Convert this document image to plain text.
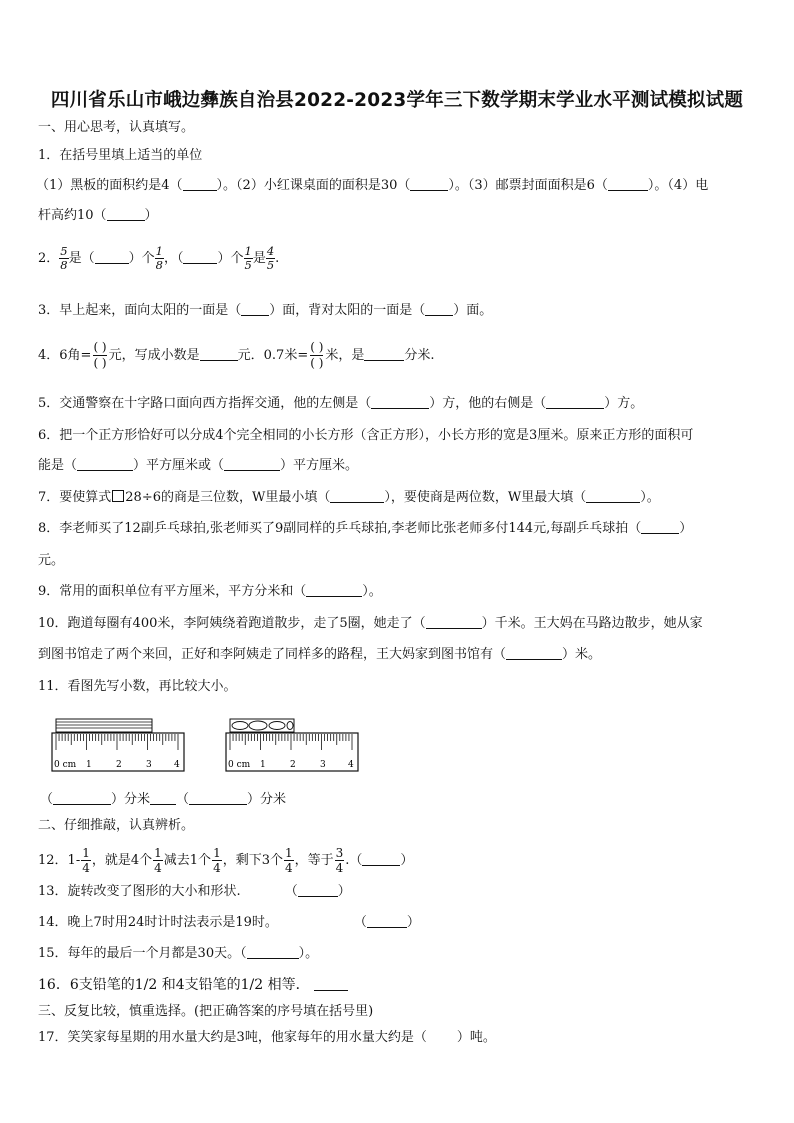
四川省乐山市峨边彝族自治县2022-2023学年三下数学期末学业水平测试模拟试题
一、用心思考，认真填写。
1．在括号里填上适当的单位
（1）黑板的面积约是4（	）。（2）小红课桌面的面积是30（	）。（3）邮票封面面积是6（	）。（4）电
杆高约10（	）
2． $\frac{5}{8}$ 是（	）个 $\frac{1}{8}$ ，（	）个 $\frac{1}{5}$ 是 $\frac{4}{5}$ .
3．早上起来，面向太阳的一面是（ ）面，背对太阳的一面是（ ）面。
4．6角=
( )
( ) 元，写成小数是	元．0.7米=
( )
( ) 米，是	分米.
5．交通警察在十字路口面向西方指挥交通，他的左侧是（	）方，他的右侧是（	）方。
6．把一个正方形恰好可以分成4个完全相同的小长方形（含正方形），小长方形的宽是3厘米。原来正方形的面积可
能是（	）平方厘米或（	）平方厘米。
7．要使算式 28÷6的商是三位数，W里最小填（	），要使商是两位数，W里最大填（	）。
8．李老师买了12副乒乓球拍,张老师买了9副同样的乒乓球拍,李老师比张老师多付144元,每副乒乓球拍（	）
元。
9．常用的面积单位有平方厘米，平方分米和（	）。
10．跑道每圈有400米，李阿姨绕着跑道散步，走了5圈，她走了（	）千米。王大妈在马路边散步，她从家
到图书馆走了两个来回，正好和李阿姨走了同样多的路程，王大妈家到图书馆有（	）米。
11．看图先写小数，再比较大小。
0 cm 1	2	3 4	0 cm 1	2	3 4
（	）分米 （	）分米
二、仔细推敲，认真辨析。
12．$1- \frac{1}{4}$ ，就是4个 $\frac{1}{4}$ 减去1个 $\frac{1}{4}$ ，剩下3个 $\frac{1}{4}$ ，等于 $\frac{3}{4}$ .（	）
13．旋转改变了图形的大小和形状.	（	）
14．晚上7时用24时计时法表示是19时。	（	）
15．每年的最后一个月都是30天。（	）。
16．6支铅笔的1/2 和4支铅笔的1/2 相等．
三、反复比较，慎重选择。(把正确答案的序号填在括号里)
17．笑笑家每星期的用水量大约是3吨，他家每年的用水量大约是（ ）吨。
